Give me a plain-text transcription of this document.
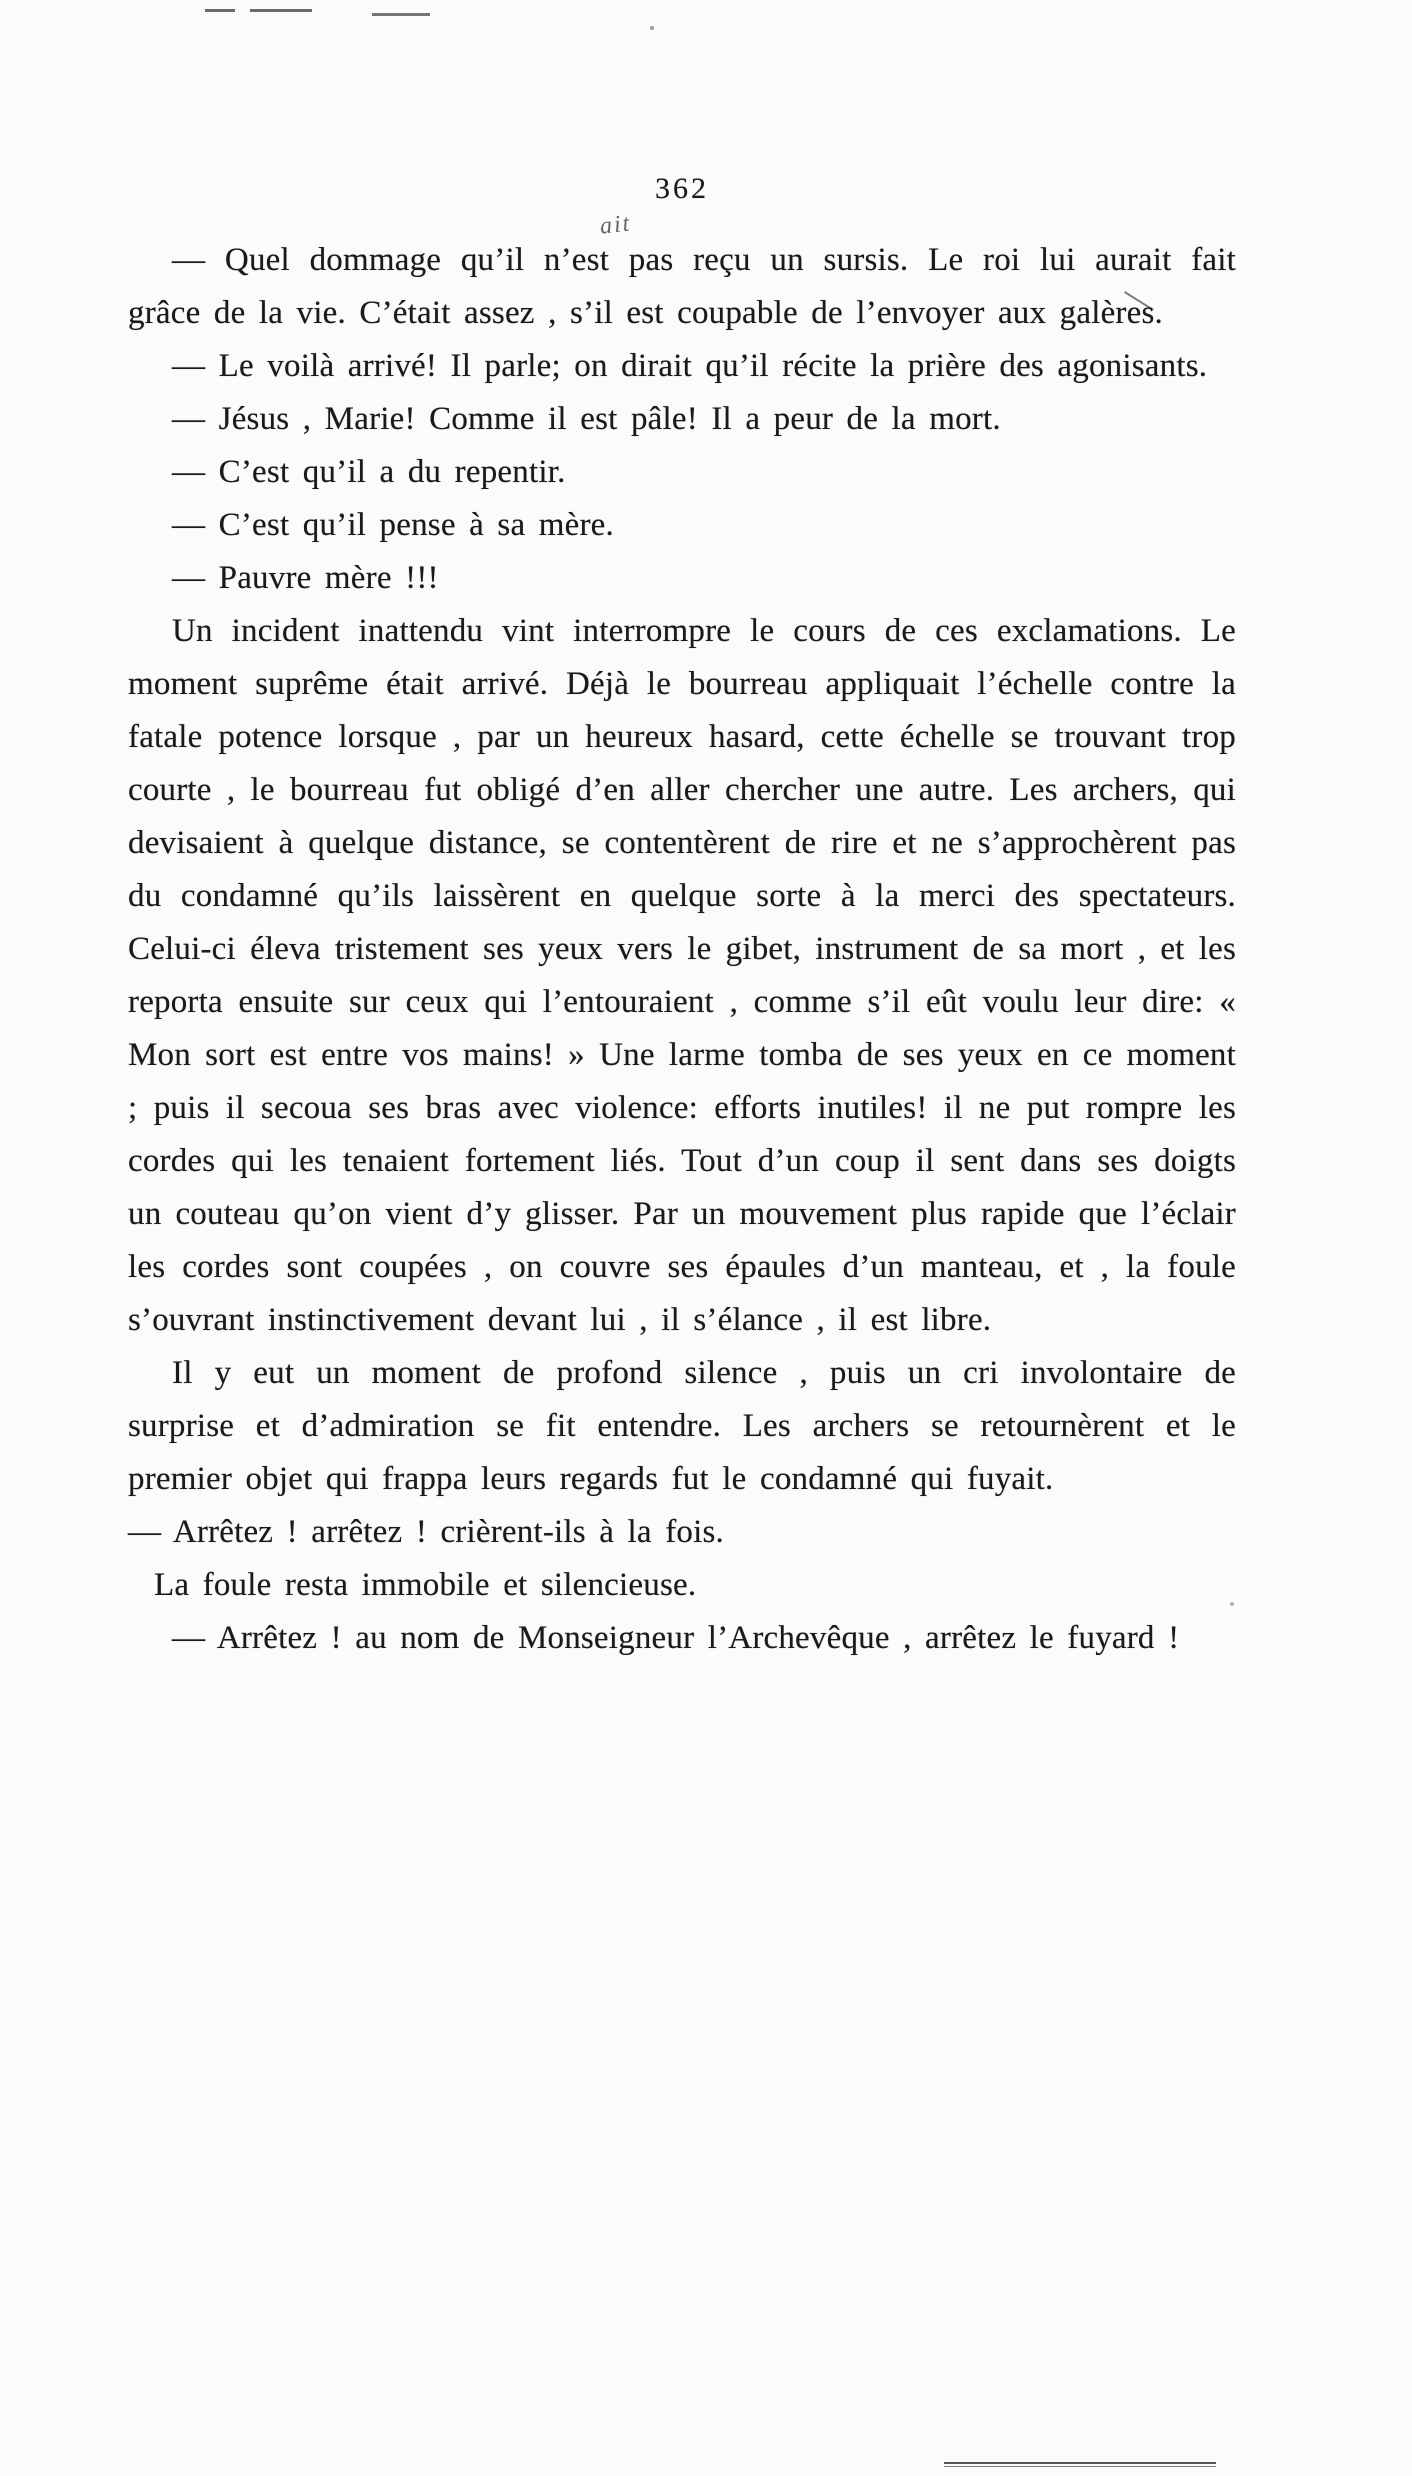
ait
362

— Quel dommage qu’il n’est pas reçu un sursis. Le roi lui aurait fait grâce de la vie. C’était assez , s’il est coupable de l’envoyer aux galères.

— Le voilà arrivé! Il parle; on dirait qu’il récite la prière des agonisants.

— Jésus , Marie! Comme il est pâle! Il a peur de la mort.

— C’est qu’il a du repentir.

— C’est qu’il pense à sa mère.

— Pauvre mère !!!

Un incident inattendu vint interrompre le cours de ces exclamations. Le moment suprême était arrivé. Déjà le bourreau appliquait l’échelle contre la fatale potence lorsque , par un heureux hasard, cette échelle se trouvant trop courte , le bourreau fut obligé d’en aller chercher une autre. Les archers, qui devisaient à quelque distance, se contentèrent de rire et ne s’approchèrent pas du condamné qu’ils laissèrent en quelque sorte à la merci des spectateurs. Celui-ci éleva tristement ses yeux vers le gibet, instrument de sa mort , et les reporta ensuite sur ceux qui l’entouraient , comme s’il eût voulu leur dire: « Mon sort est entre vos mains! » Une larme tomba de ses yeux en ce moment ; puis il secoua ses bras avec violence: efforts inutiles! il ne put rompre les cordes qui les tenaient fortement liés. Tout d’un coup il sent dans ses doigts un couteau qu’on vient d’y glisser. Par un mouvement plus rapide que l’éclair les cordes sont coupées , on couvre ses épaules d’un manteau, et , la foule s’ouvrant instinctivement devant lui , il s’élance , il est libre.

Il y eut un moment de profond silence , puis un cri involontaire de surprise et d’admiration se fit entendre. Les archers se retournèrent et le premier objet qui frappa leurs regards fut le condamné qui fuyait.

— Arrêtez ! arrêtez ! crièrent-ils à la fois.

La foule resta immobile et silencieuse.

— Arrêtez ! au nom de Monseigneur l’Archevêque , arrêtez le fuyard !
